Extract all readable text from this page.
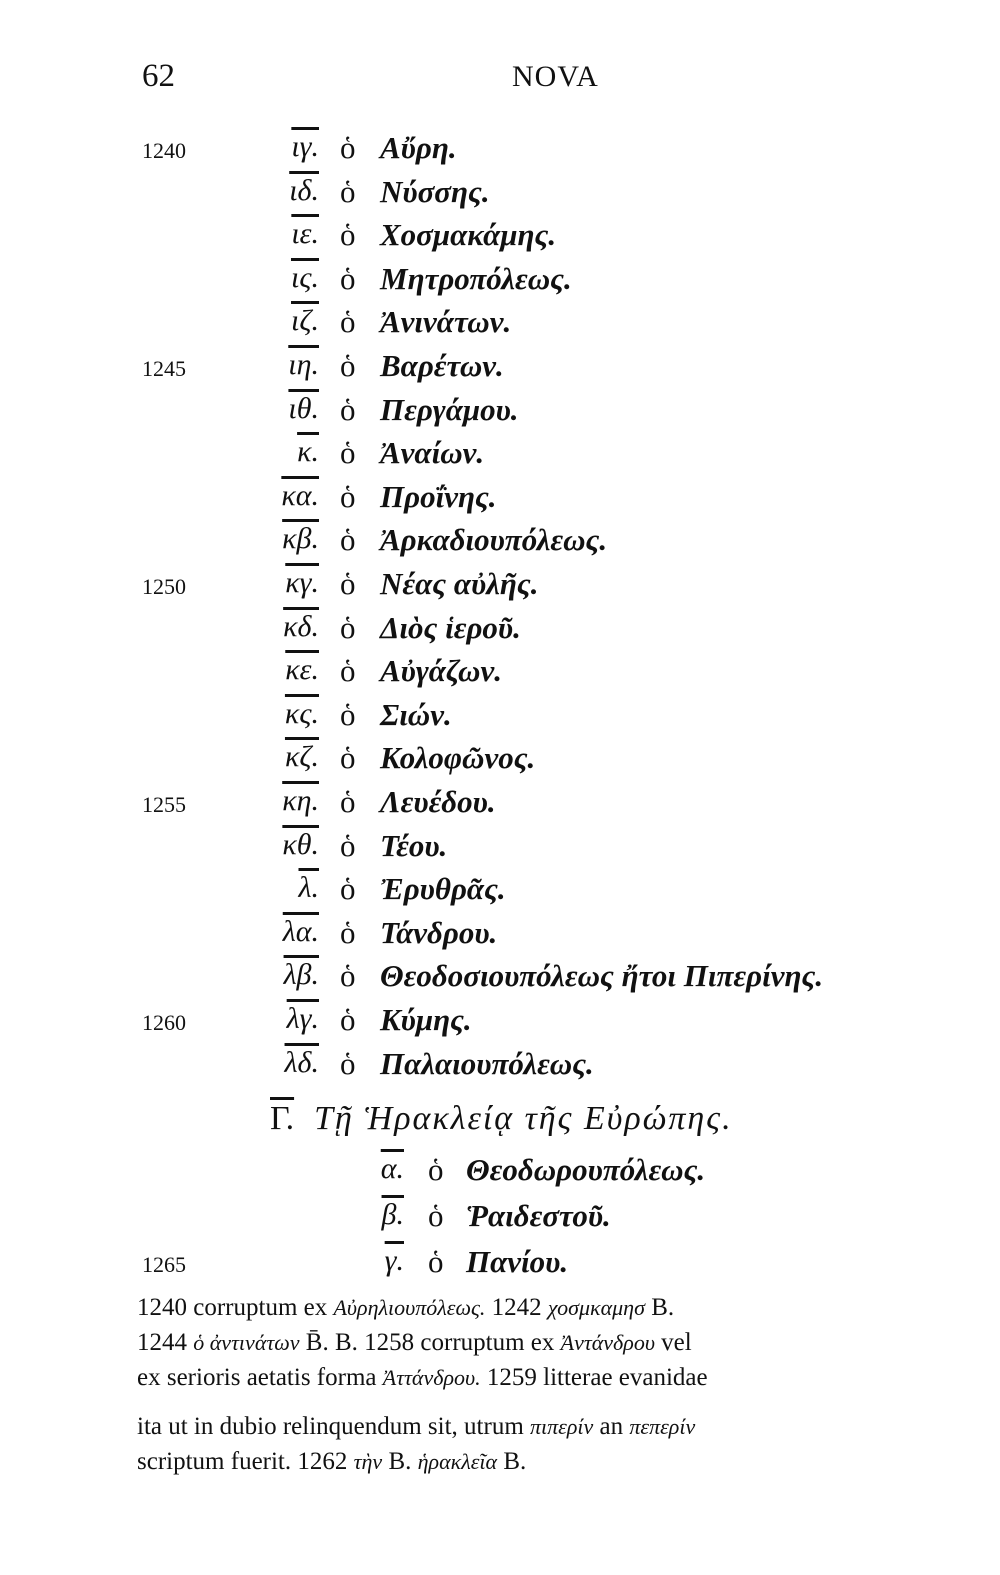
62	NOVA
1240	ιγ. ὁ Αὔρη.
ιδ. ὁ Νύσσης.
ιε. ὁ Χοσμακάμης.
ις. ὁ Μητροπόλεως.
ιζ. ὁ Ἀνινάτων.
1245	ιη. ὁ Βαρέτων.
ιθ. ὁ Περγάμου.
κ. ὁ Ἀναίων.
κα. ὁ Προΐνης.
κβ. ὁ Ἀρκαδιουπόλεως.
1250	κγ. ὁ Νέας αὐλῆς.
κδ. ὁ Διὸς ἱεροῦ.
κε. ὁ Αὐγάζων.
κς. ὁ Σιών.
κζ. ὁ Κολοφῶνος.
1255	κη. ὁ Λευέδου.
κθ. ὁ Τέου.
λ. ὁ Ἐρυθρᾶς.
λα. ὁ Τάνδρου.
λβ. ὁ Θεοδοσιουπόλεως ἤτοι Πιπερίνης.
1260	λγ. ὁ Κύμης.
λδ. ὁ Παλαιουπόλεως.
Γ. Τῇ Ἡρακλείᾳ τῆς Εὐρώπης.
α. ὁ Θεοδωρουπόλεως.
β. ὁ Ῥαιδεστοῦ.
1265	γ. ὁ Πανίου.
1240 corruptum ex Αὐρηλιουπόλεως. 1242 χοσμκαμησ B.
1244 ὁ ἀντινάτων B̄. B. 1258 corruptum ex Ἀντάνδρου vel
ex serioris aetatis forma Ἀττάνδρου. 1259 litterae evanidae
ita ut in dubio relinquendum sit, utrum πιπερίν an πεπερίν
scriptum fuerit. 1262 τὴν B. ἡρακλεῖα B.
